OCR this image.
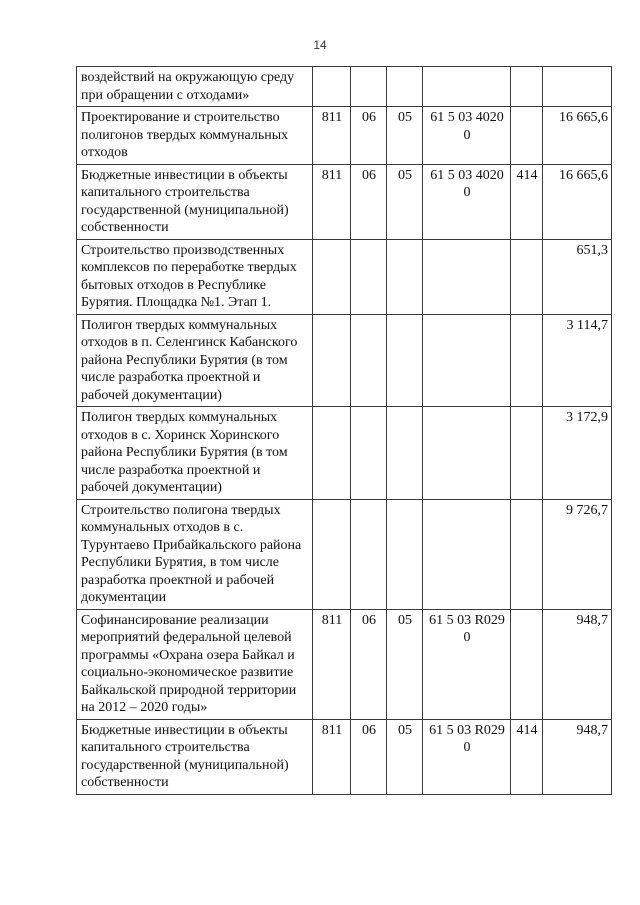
14
воздействий на окружающую среду при обращении с отходами»						
Проектирование и строительство полигонов твердых коммунальных отходов	811	06	05	61 5 03 40200		16 665,6
Бюджетные инвестиции в объекты капитального строительства государственной (муниципальной) собственности	811	06	05	61 5 03 40200	414	16 665,6
Строительство производственных комплексов по переработке твердых бытовых отходов в Республике Бурятия. Площадка №1. Этап 1.						651,3
Полигон твердых коммунальных отходов в п. Селенгинск Кабанского района Республики Бурятия (в том числе разработка проектной и рабочей документации)						3 114,7
Полигон твердых коммунальных отходов в с. Хоринск Хоринского района Республики Бурятия (в том числе разработка проектной и рабочей документации)						3 172,9
Строительство полигона твердых коммунальных отходов в с. Турунтаево Прибайкальского района Республики Бурятия, в том числе разработка проектной и рабочей документации						9 726,7
Софинансирование реализации мероприятий федеральной целевой программы «Охрана озера Байкал и социально-экономическое развитие Байкальской природной территории на 2012 – 2020 годы»	811	06	05	61 5 03 R0290		948,7
Бюджетные инвестиции в объекты капитального строительства государственной (муниципальной) собственности	811	06	05	61 5 03 R0290	414	948,7
